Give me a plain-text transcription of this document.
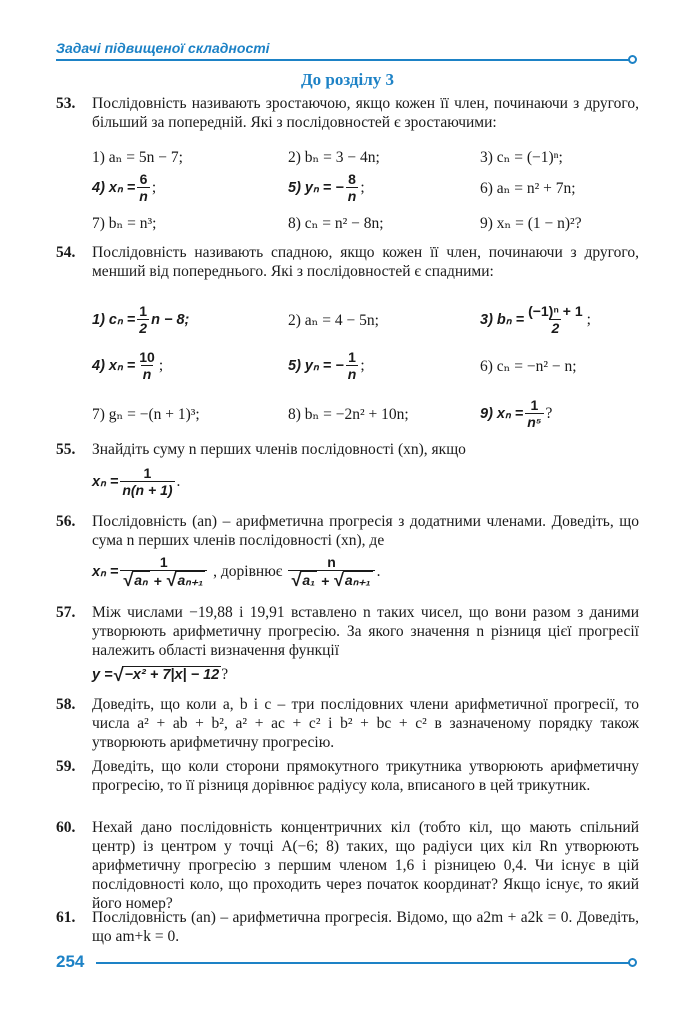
Задачі підвищеної складності
До розділу 3
53. Послідовність називають зростаючою, якщо кожен її член, починаючи з другого, більший за попередній. Які з послідовностей є зростаючими:
1) aₙ = 5n − 7;	2) bₙ = 3 − 4n;	3) cₙ = (−1)ⁿ;
4) $x_n = \frac{6}{n}$ ;	5) yₙ = − $\frac{8}{n}$ ;	6) aₙ = n² + 7n;
7) bₙ = n³;	8) cₙ = n² − 8n;	9) xₙ = (1 − n)²?
54. Послідовність називають спадною, якщо кожен її член, починаючи з другого, менший від попереднього. Які з послідовностей є спадними:
1) $c_n = \frac{1}{2}$ n − 8;	2) aₙ = 4 − 5n;	3) $b_n = \frac{\text{(−1)ⁿ + 1}}{2}$ ;
4) $x_n = \frac{10}{n}$ ;	5) yₙ = − $\frac{1}{n}$ ;	6) cₙ = −n² − n;
7) gₙ = −(n + 1)³;	8) bₙ = −2n² + 10n;	9) $x_n = \frac{1}{\text{n⁵}}$ ?
55. Знайдіть суму n перших членів послідовності (xn), якщо
$x_n = \frac{1}{n(n + 1)}$ .
56. Послідовність (an) – арифметична прогресія з додатними членами. Доведіть, що сума n перших членів послідовності (xn), де
$x_n = \frac{1}{\text{√ aₙ + √ aₙ₊₁}}$ , дорівнює $\frac{n}{\text{√ a₁ + √ aₙ₊₁}}$ .
57. Між числами −19,88 і 19,91 вставлено n таких чисел, що вони разом з даними утворюють арифметичну прогресію. За якого значення n різниця цієї прогресії належить області визначення функції
y = √ −x² + 7|x| − 12 ?
58. Доведіть, що коли a, b і c – три послідовних члени арифметичної прогресії, то числа a² + ab + b², a² + ac + c² і b² + bc + c² в зазначеному порядку також утворюють арифметичну прогресію.
59. Доведіть, що коли сторони прямокутного трикутника утворюють арифметичну прогресію, то її різниця дорівнює радіусу кола, вписаного в цей трикутник.
60. Нехай дано послідовність концентричних кіл (тобто кіл, що мають спільний центр) із центром у точці A(−6; 8) таких, що радіуси цих кіл Rn утворюють арифметичну прогресію з першим членом 1,6 і різницею 0,4. Чи існує в цій послідовності коло, що проходить через початок координат? Якщо існує, то який його номер?
61. Послідовність (an) – арифметична прогресія. Відомо, що a2m + a2k = 0. Доведіть, що am+k = 0.
254
